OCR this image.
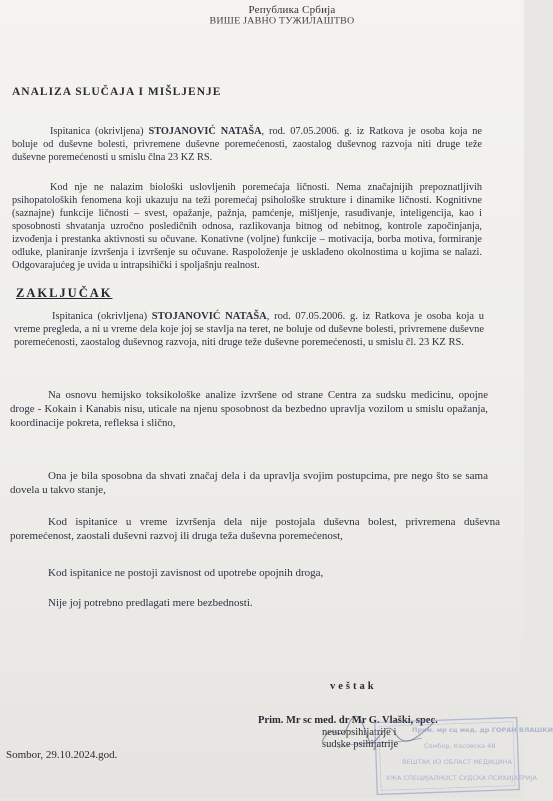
Република Србија
ВИШЕ ЈАВНО ТУЖИЛАШТВО
ANALIZA SLUČAJA I MIŠLJENJE
Ispitanica (okrivljena) STOJANOVIĆ NATAŠA, rod. 07.05.2006. g. iz Ratkova je osoba koja ne boluje od duševne bolesti, privremene duševne poremećenosti, zaostalog duševnog razvoja niti druge teže duševne poremećenosti u smislu člna 23 KZ RS.
Kod nje ne nalazim biološki uslovljenih poremećaja ličnosti. Nema značajnijih prepoznatljivih psihopatoloških fenomena koji ukazuju na teži poremećaj psihološke strukture i dinamike ličnosti. Kognitivne (saznajne) funkcije ličnosti – svest, opažanje, pažnja, pamćenje, mišljenje, rasuđivanje, inteligencija, kao i sposobnosti shvatanja uzročno posledičnih odnosa, razlikovanja bitnog od nebitnog, kontrole započinjanja, izvođenja i prestanka aktivnosti su očuvane. Konativne (voljne) funkcije – motivacija, borba motiva, formiranje odluke, planiranje izvršenja i izvršenje su očuvane. Raspoloženje je usklađeno okolnostima u kojima se nalazi. Odgovarajućeg je uvida u intrapsihički i spoljašnju realnost.
ZAKLJUČAK
Ispitanica (okrivljena) STOJANOVIĆ NATAŠA, rod. 07.05.2006. g. iz Ratkova je osoba koja u vreme pregleda, a ni u vreme dela koje joj se stavlja na teret, ne boluje od duševne bolesti, privremene duševne poremećenosti, zaostalog duševnog razvoja, niti druge teže duševne poremećenosti, u smislu čl. 23 KZ RS.
Na osnovu hemijsko toksikološke analize izvršene od strane Centra za sudsku medicinu, opojne droge - Kokain i Kanabis nisu, uticale na njenu sposobnost da bezbedno upravlja vozilom u smislu opažanja, koordinacije pokreta, refleksa i slično,
Ona je bila sposobna da shvati značaj dela i da upravlja svojim postupcima, pre nego što se sama dovela u takvo stanje,
Kod ispitanice u vreme izvršenja dela nije postojala duševna bolest, privremena duševna poremećenost, zaostali duševni razvoj ili druga teža duševna poremećenost,
Kod ispitanice ne postoji zavisnost od upotrebe opojnih droga,
Nije joj potrebno predlagati mere bezbednosti.
veštak
Prim. Mr sc med. dr Mr G. Vlaški, spec.
neuropsihijatrije i
sudske psihijatrije
Sombor, 29.10.2024.god.
Прим. мр сц мед. др ГОРАН ВЛАШКИ
Сомбор, Косовска 48
ВЕШТАК ИЗ ОБЛАСТ МЕДИЦИНА
УЖА СПЕЦИЈАЛНОСТ СУДСКА ПСИХИЈАТРИЈА
